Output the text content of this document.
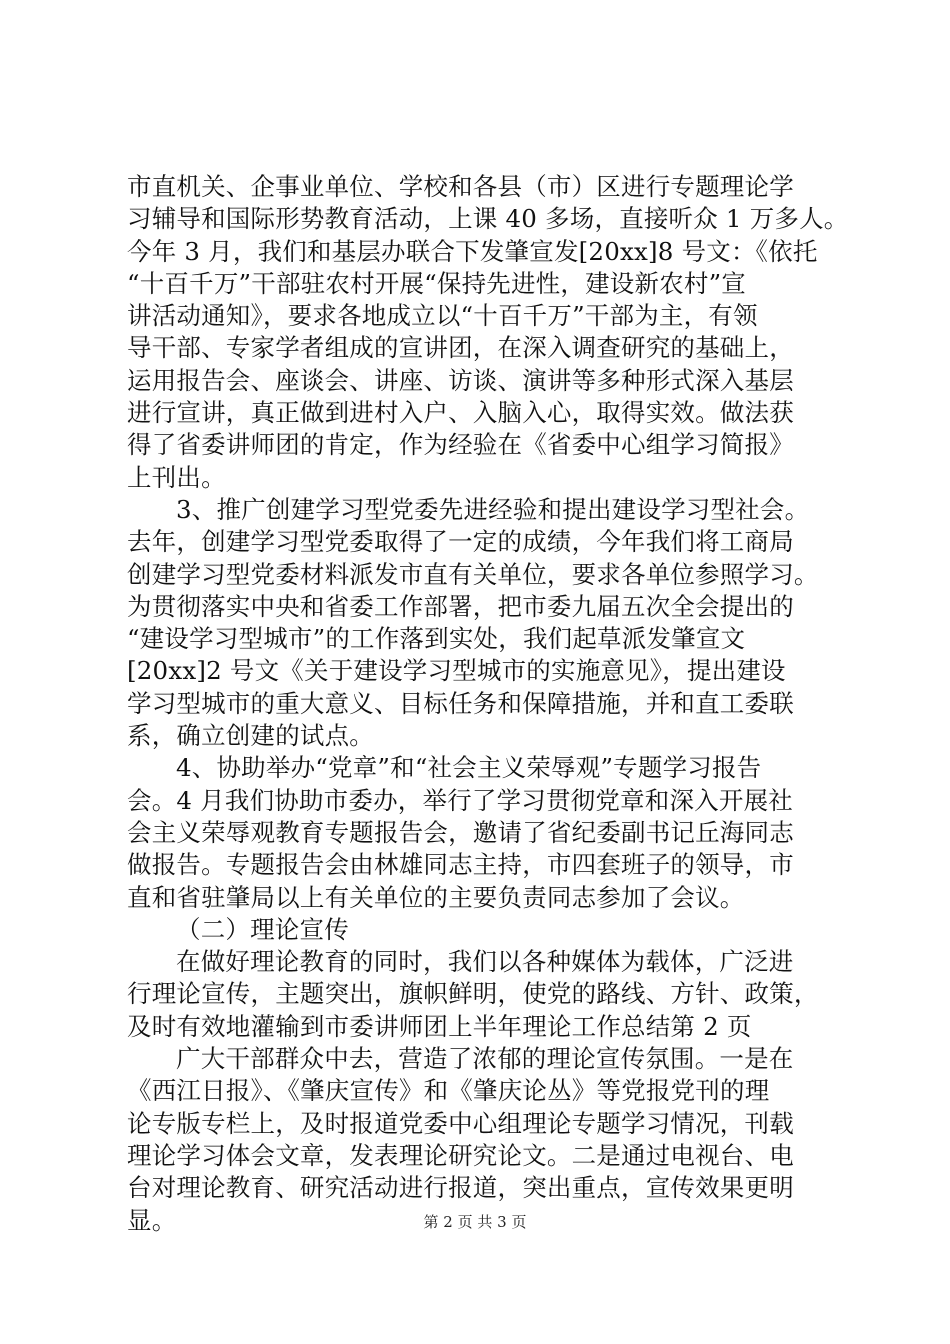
市直机关、企事业单位、学校和各县（市）区进行专题理论学
习辅导和国际形势教育活动，上课 40 多场，直接听众 1 万多人。
今年 3 月，我们和基层办联合下发肇宣发[20xx]8 号文：《依托
“十百千万”干部驻农村开展“保持先进性，建设新农村”宣
讲活动通知》，要求各地成立以“十百千万”干部为主，有领
导干部、专家学者组成的宣讲团，在深入调查研究的基础上，
运用报告会、座谈会、讲座、访谈、演讲等多种形式深入基层
进行宣讲，真正做到进村入户、入脑入心，取得实效。做法获
得了省委讲师团的肯定，作为经验在《省委中心组学习简报》
上刊出。
3、推广创建学习型党委先进经验和提出建设学习型社会。
去年，创建学习型党委取得了一定的成绩，今年我们将工商局
创建学习型党委材料派发市直有关单位，要求各单位参照学习。
为贯彻落实中央和省委工作部署，把市委九届五次全会提出的
“建设学习型城市”的工作落到实处，我们起草派发肇宣文
[20xx]2 号文《关于建设学习型城市的实施意见》，提出建设
学习型城市的重大意义、目标任务和保障措施，并和直工委联
系，确立创建的试点。
4、协助举办“党章”和“社会主义荣辱观”专题学习报告
会。4 月我们协助市委办，举行了学习贯彻党章和深入开展社
会主义荣辱观教育专题报告会，邀请了省纪委副书记丘海同志
做报告。专题报告会由林雄同志主持，市四套班子的领导，市
直和省驻肇局以上有关单位的主要负责同志参加了会议。
（二）理论宣传
在做好理论教育的同时，我们以各种媒体为载体，广泛进
行理论宣传，主题突出，旗帜鲜明，使党的路线、方针、政策，
及时有效地灌输到市委讲师团上半年理论工作总结第 2 页
广大干部群众中去，营造了浓郁的理论宣传氛围。一是在
《西江日报》、《肇庆宣传》和《肇庆论丛》等党报党刊的理
论专版专栏上，及时报道党委中心组理论专题学习情况，刊载
理论学习体会文章，发表理论研究论文。二是通过电视台、电
台对理论教育、研究活动进行报道，突出重点，宣传效果更明
显。	第 2 页 共 3 页
